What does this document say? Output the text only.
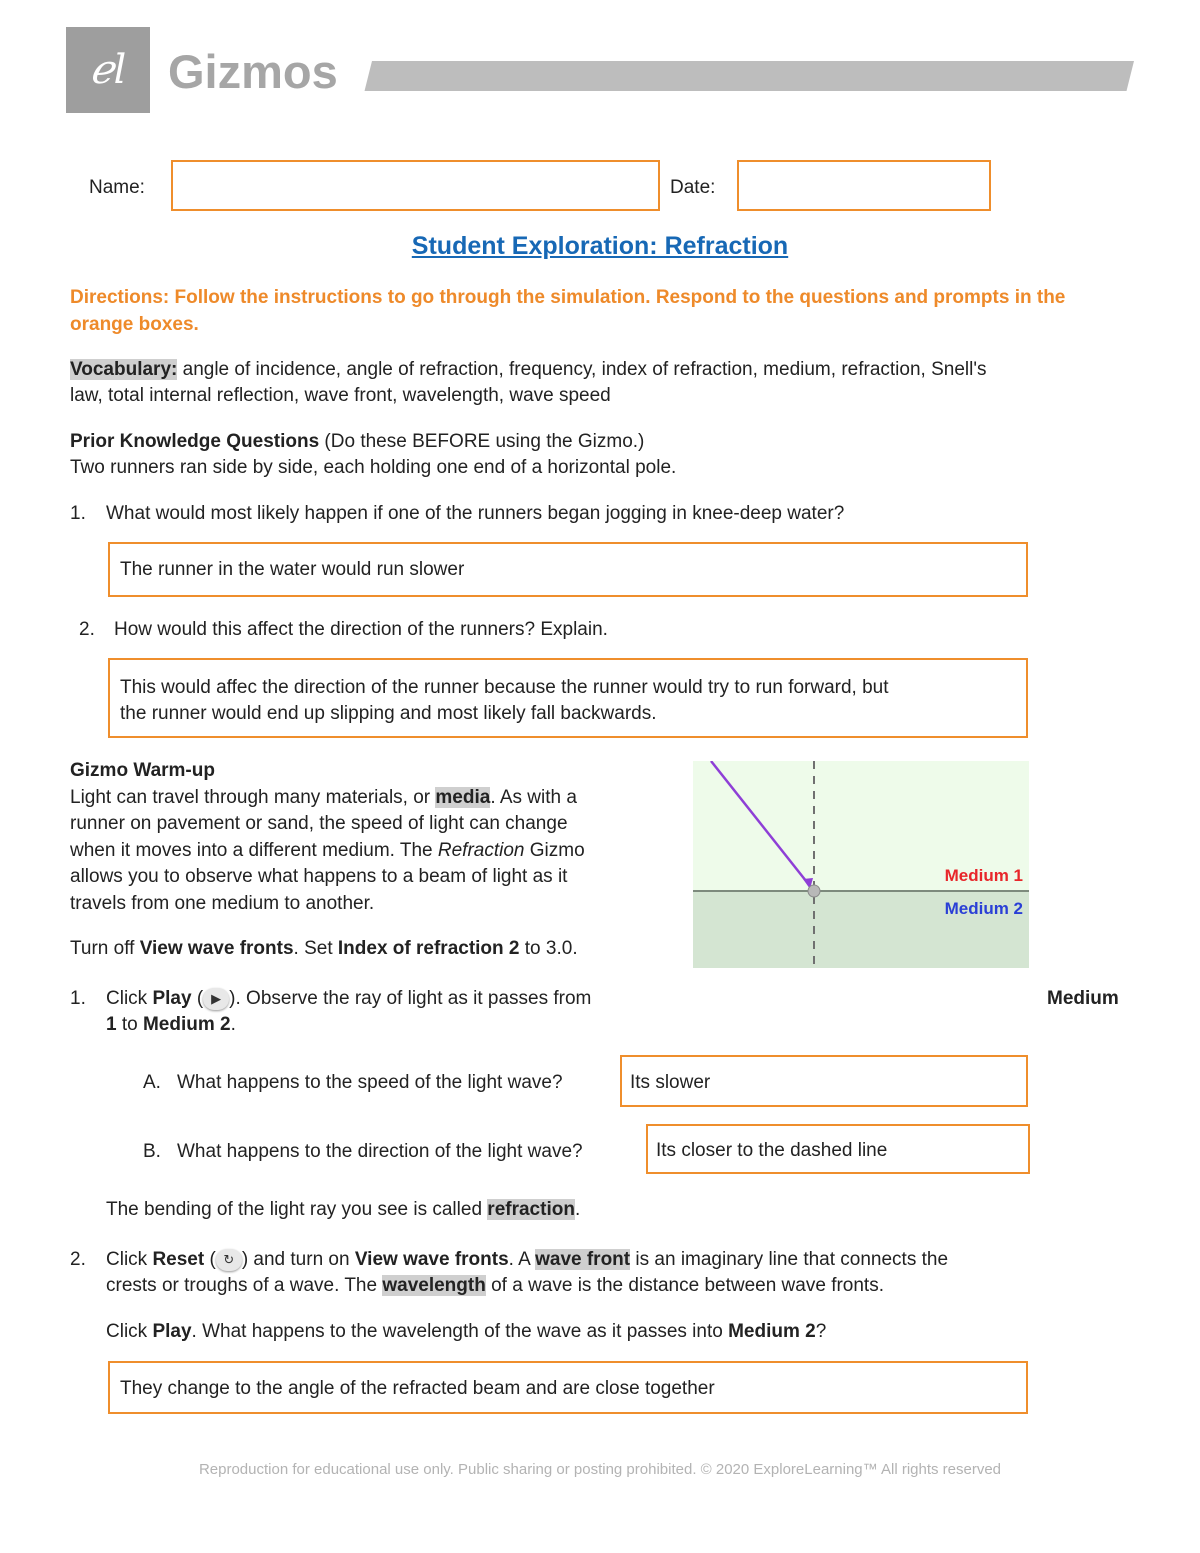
ℯl Gizmos
Name:	Date:
Student Exploration: Refraction
Directions: Follow the instructions to go through the simulation. Respond to the questions and prompts in the orange boxes.
Vocabulary: angle of incidence, angle of refraction, frequency, index of refraction, medium, refraction, Snell's
law, total internal reflection, wave front, wavelength, wave speed
Prior Knowledge Questions (Do these BEFORE using the Gizmo.)
Two runners ran side by side, each holding one end of a horizontal pole.
1. What would most likely happen if one of the runners began jogging in knee-deep water?
The runner in the water would run slower
2. How would this affect the direction of the runners? Explain.
This would affec the direction of the runner because the runner would try to run forward, but
the runner would end up slipping and most likely fall backwards.
Gizmo Warm-up
Light can travel through many materials, or media. As with a
runner on pavement or sand, the speed of light can change
when it moves into a different medium. The Refraction Gizmo
allows you to observe what happens to a beam of light as it
travels from one medium to another.
Turn off View wave fronts. Set Index of refraction 2 to 3.0.
Medium 1
Medium 2
1. Click Play ( ▶ ). Observe the ray of light as it passes from	Medium
1 to Medium 2.
A. What happens to the speed of the light wave?	Its slower
B. What happens to the direction of the light wave?	Its closer to the dashed line
The bending of the light ray you see is called refraction.
2. Click Reset ( ↻ ) and turn on View wave fronts. A wave front is an imaginary line that connects the
crests or troughs of a wave. The wavelength of a wave is the distance between wave fronts.
Click Play. What happens to the wavelength of the wave as it passes into Medium 2?
They change to the angle of the refracted beam and are close together
Reproduction for educational use only. Public sharing or posting prohibited. © 2020 ExploreLearning™ All rights reserved
